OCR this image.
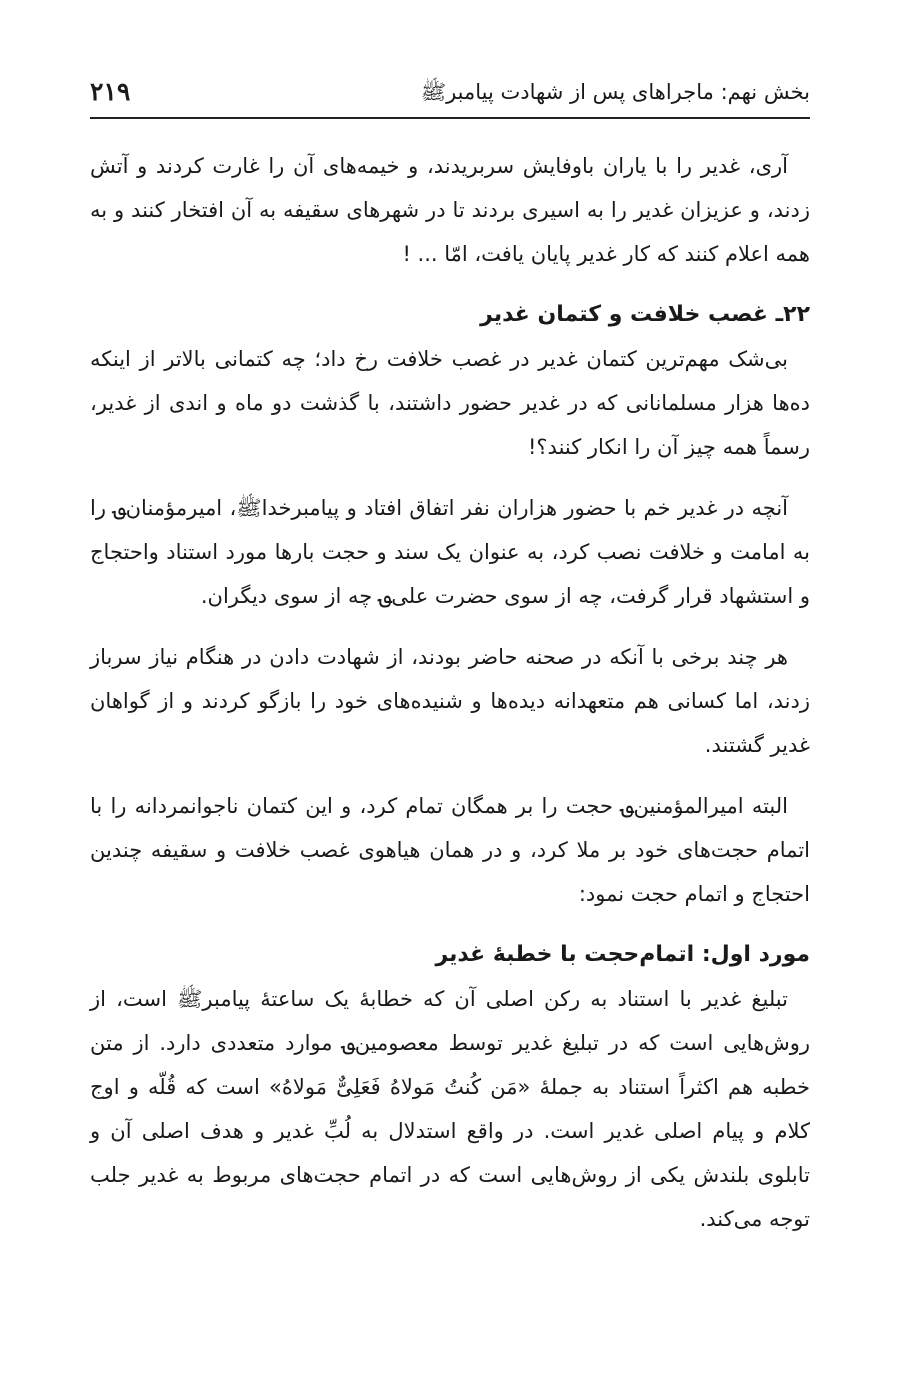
بخش نهم: ماجراهای پس از شهادت پیامبرﷺ
۲۱۹

آری، غدیر را با یاران باوفایش سربریدند، و خیمه‌های آن را غارت کردند و آتش زدند، و عزیزان غدیر را به اسیری بردند تا در شهرهای سقیفه به آن افتخار کنند و به همه اعلام کنند که کار غدیر پایان یافت، امّا ... !

۲۲ـ غصب خلافت و کتمان غدیر

بی‌شک مهم‌ترین کتمان غدیر در غصب خلافت رخ داد؛ چه کتمانی بالاتر از اینکه ده‌ها هزار مسلمانانی که در غدیر حضور داشتند، با گذشت دو ماه و اندی از غدیر، رسماً همه چیز آن را انکار کنند؟!

آنچه در غدیر خم با حضور هزاران نفر اتفاق افتاد و پیامبرخداﷺ، امیرمؤمنان؈ را به امامت و خلافت نصب کرد، به عنوان یک سند و حجت بارها مورد استناد واحتجاج و استشهاد قرار گرفت، چه از سوی حضرت علی؈ چه از سوی دیگران.

هر چند برخی با آنکه در صحنه حاضر بودند، از شهادت دادن در هنگام نیاز سرباز زدند، اما کسانی هم متعهدانه دیده‌ها و شنیده‌های خود را بازگو کردند و از گواهان غدیر گشتند.

البته امیرالمؤمنین؈ حجت را بر همگان تمام کرد، و این کتمان ناجوانمردانه را با اتمام حجت‌های خود بر ملا کرد، و در همان هیاهوی غصب خلافت و سقیفه چندین احتجاج و اتمام حجت نمود:

مورد اول: اتمام‌حجت با خطبهٔ غدیر

تبلیغ غدیر با استناد به رکن اصلی آن که خطابهٔ یک ساعتهٔ پیامبرﷺ است، از روش‌هایی است که در تبلیغ غدیر توسط معصومین؈ موارد متعددی دارد. از متن خطبه هم اکثراً استناد به جملهٔ «مَن کُنتُ مَولاهُ فَعَلِیٌّ مَولاهُ» است که قُلّه و اوج کلام و پیام اصلی غدیر است. در واقع استدلال به لُبِّ غدیر و هدف اصلی آن و تابلوی بلندش یکی از روش‌هایی است که در اتمام حجت‌های مربوط به غدیر جلب توجه می‌کند.
